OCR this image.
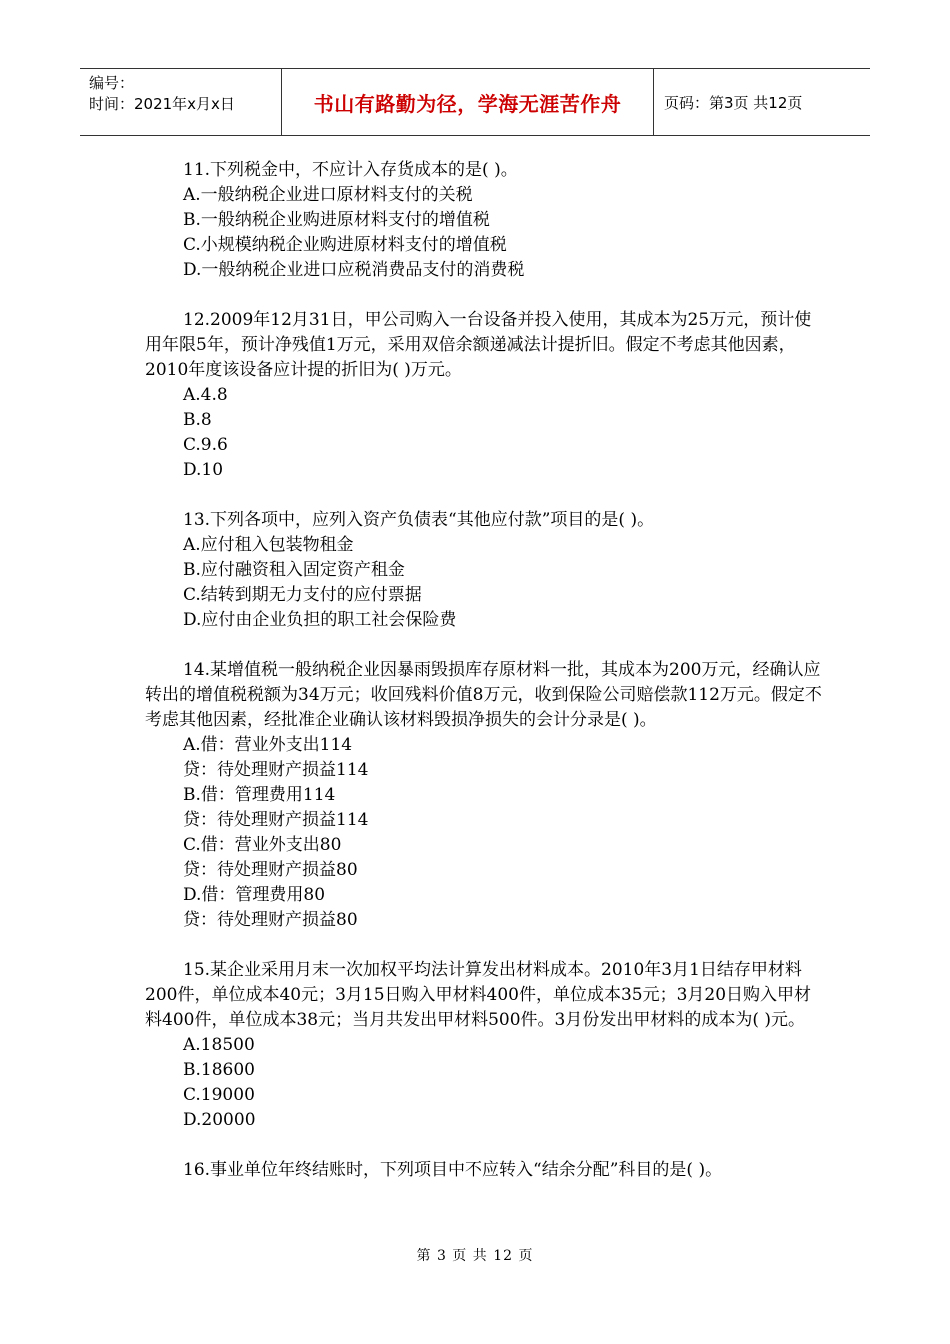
编号：
时间：2021年x月x日	书山有路勤为径，学海无涯苦作舟	页码：第3页 共12页

11.下列税金中，不应计入存货成本的是( )。

A.一般纳税企业进口原材料支付的关税

B.一般纳税企业购进原材料支付的增值税

C.小规模纳税企业购进原材料支付的增值税

D.一般纳税企业进口应税消费品支付的消费税

12.2009年12月31日，甲公司购入一台设备并投入使用，其成本为25万元，预计使用年限5年，预计净残值1万元，采用双倍余额递减法计提折旧。假定不考虑其他因素，2010年度该设备应计提的折旧为( )万元。

A.4.8

B.8

C.9.6

D.10

13.下列各项中，应列入资产负债表“其他应付款”项目的是( )。

A.应付租入包装物租金

B.应付融资租入固定资产租金

C.结转到期无力支付的应付票据

D.应付由企业负担的职工社会保险费

14.某增值税一般纳税企业因暴雨毁损库存原材料一批，其成本为200万元，经确认应转出的增值税税额为34万元；收回残料价值8万元，收到保险公司赔偿款112万元。假定不考虑其他因素，经批准企业确认该材料毁损净损失的会计分录是( )。

A.借：营业外支出114

贷：待处理财产损益114

B.借：管理费用114

贷：待处理财产损益114

C.借：营业外支出80

贷：待处理财产损益80

D.借：管理费用80

贷：待处理财产损益80

15.某企业采用月末一次加权平均法计算发出材料成本。2010年3月1日结存甲材料200件，单位成本40元；3月15日购入甲材料400件，单位成本35元；3月20日购入甲材料400件，单位成本38元；当月共发出甲材料500件。3月份发出甲材料的成本为( )元。

A.18500

B.18600

C.19000

D.20000

16.事业单位年终结账时，下列项目中不应转入“结余分配”科目的是( )。

第 3 页 共 12 页
